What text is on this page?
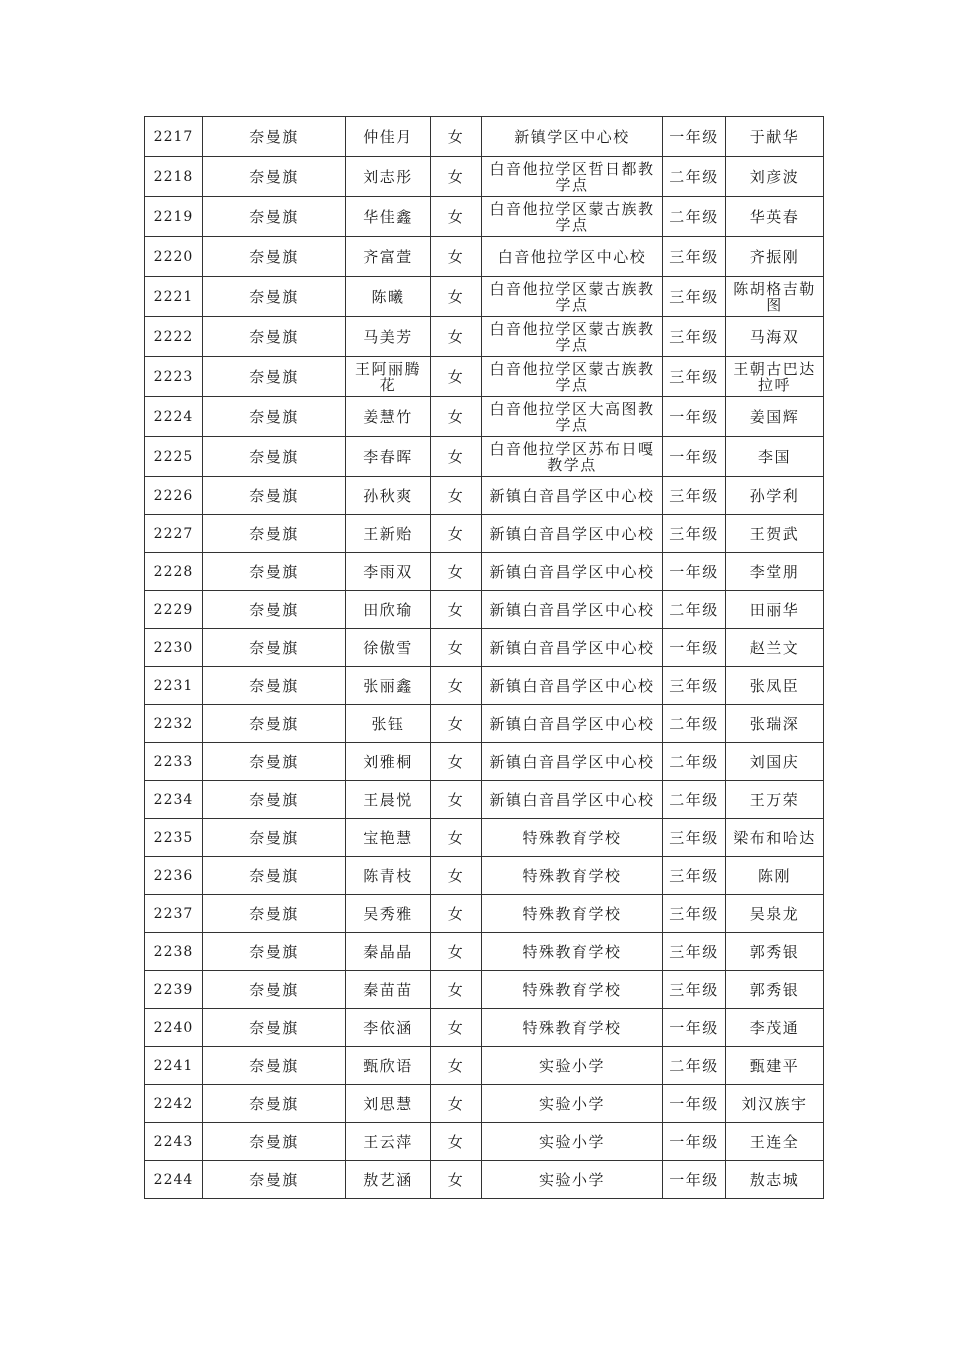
2217	奈曼旗	仲佳月	女	新镇学区中心校	一年级	于献华
2218	奈曼旗	刘志彤	女	白音他拉学区哲日都教学点	二年级	刘彦波
2219	奈曼旗	华佳鑫	女	白音他拉学区蒙古族教学点	二年级	华英春
2220	奈曼旗	齐富萱	女	白音他拉学区中心校	三年级	齐振刚
2221	奈曼旗	陈曦	女	白音他拉学区蒙古族教学点	三年级	陈胡格吉勒图
2222	奈曼旗	马美芳	女	白音他拉学区蒙古族教学点	三年级	马海双
2223	奈曼旗	王阿丽腾花	女	白音他拉学区蒙古族教学点	三年级	王朝古巴达拉呼
2224	奈曼旗	姜慧竹	女	白音他拉学区大高图教学点	一年级	姜国辉
2225	奈曼旗	李春晖	女	白音他拉学区苏布日嘎教学点	一年级	李国
2226	奈曼旗	孙秋爽	女	新镇白音昌学区中心校	三年级	孙学利
2227	奈曼旗	王新贻	女	新镇白音昌学区中心校	三年级	王贺武
2228	奈曼旗	李雨双	女	新镇白音昌学区中心校	一年级	李堂朋
2229	奈曼旗	田欣瑜	女	新镇白音昌学区中心校	二年级	田丽华
2230	奈曼旗	徐傲雪	女	新镇白音昌学区中心校	一年级	赵兰文
2231	奈曼旗	张丽鑫	女	新镇白音昌学区中心校	三年级	张凤臣
2232	奈曼旗	张钰	女	新镇白音昌学区中心校	二年级	张瑞深
2233	奈曼旗	刘雅桐	女	新镇白音昌学区中心校	二年级	刘国庆
2234	奈曼旗	王晨悦	女	新镇白音昌学区中心校	二年级	王万荣
2235	奈曼旗	宝艳慧	女	特殊教育学校	三年级	梁布和哈达
2236	奈曼旗	陈青枝	女	特殊教育学校	三年级	陈刚
2237	奈曼旗	吴秀雅	女	特殊教育学校	三年级	吴泉龙
2238	奈曼旗	秦晶晶	女	特殊教育学校	三年级	郭秀银
2239	奈曼旗	秦苗苗	女	特殊教育学校	三年级	郭秀银
2240	奈曼旗	李依涵	女	特殊教育学校	一年级	李茂通
2241	奈曼旗	甄欣语	女	实验小学	二年级	甄建平
2242	奈曼旗	刘思慧	女	实验小学	一年级	刘汉族宇
2243	奈曼旗	王云萍	女	实验小学	一年级	王连全
2244	奈曼旗	敖艺涵	女	实验小学	一年级	敖志城
